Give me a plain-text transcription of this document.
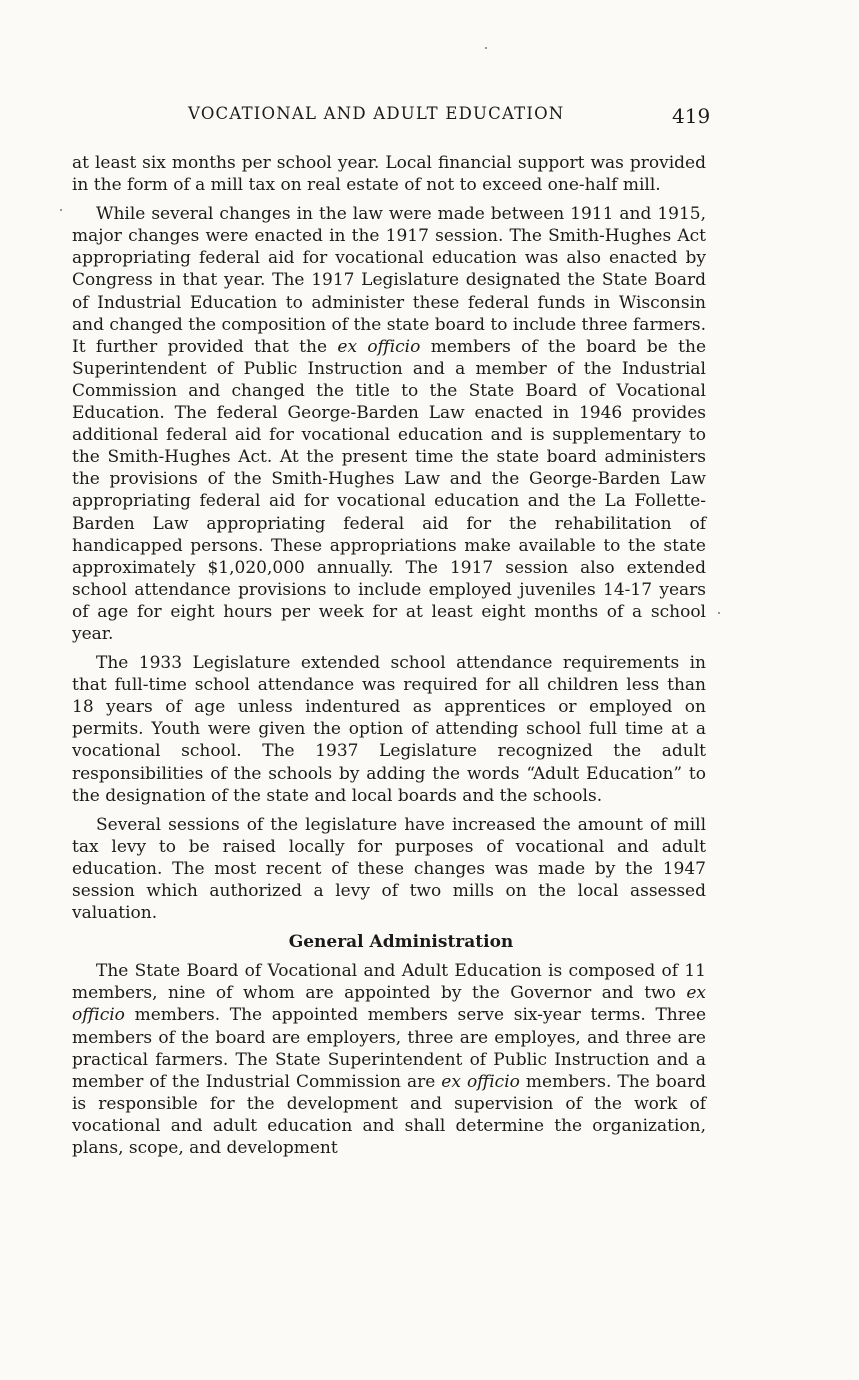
VOCATIONAL AND ADULT EDUCATION	419

at least six months per school year. Local financial support was provided in the form of a mill tax on real estate of not to exceed one-half mill.

While several changes in the law were made between 1911 and 1915, major changes were enacted in the 1917 session. The Smith-Hughes Act appropriating federal aid for vocational education was also enacted by Congress in that year. The 1917 Legislature designated the State Board of Industrial Education to administer these federal funds in Wisconsin and changed the composition of the state board to include three farmers. It further provided that the ex officio members of the board be the Superintendent of Public Instruction and a member of the Industrial Commission and changed the title to the State Board of Vocational Education. The federal George-Barden Law enacted in 1946 provides additional federal aid for vocational education and is supplementary to the Smith-Hughes Act. At the present time the state board administers the provisions of the Smith-Hughes Law and the George-Barden Law appropriating federal aid for vocational education and the La Follette-Barden Law appropriating federal aid for the rehabilitation of handicapped persons. These appropriations make available to the state approximately $1,020,000 annually. The 1917 session also extended school attendance provisions to include employed juveniles 14-17 years of age for eight hours per week for at least eight months of a school year.

The 1933 Legislature extended school attendance requirements in that full-time school attendance was required for all children less than 18 years of age unless indentured as apprentices or employed on permits. Youth were given the option of attending school full time at a vocational school. The 1937 Legislature recognized the adult responsibilities of the schools by adding the words “Adult Education” to the designation of the state and local boards and the schools.

Several sessions of the legislature have increased the amount of mill tax levy to be raised locally for purposes of vocational and adult education. The most recent of these changes was made by the 1947 session which authorized a levy of two mills on the local assessed valuation.

General Administration

The State Board of Vocational and Adult Education is composed of 11 members, nine of whom are appointed by the Governor and two ex officio members. The appointed members serve six-year terms. Three members of the board are employers, three are employes, and three are practical farmers. The State Superintendent of Public Instruction and a member of the Industrial Commission are ex officio members. The board is responsible for the development and supervision of the work of vocational and adult education and shall determine the organization, plans, scope, and development
